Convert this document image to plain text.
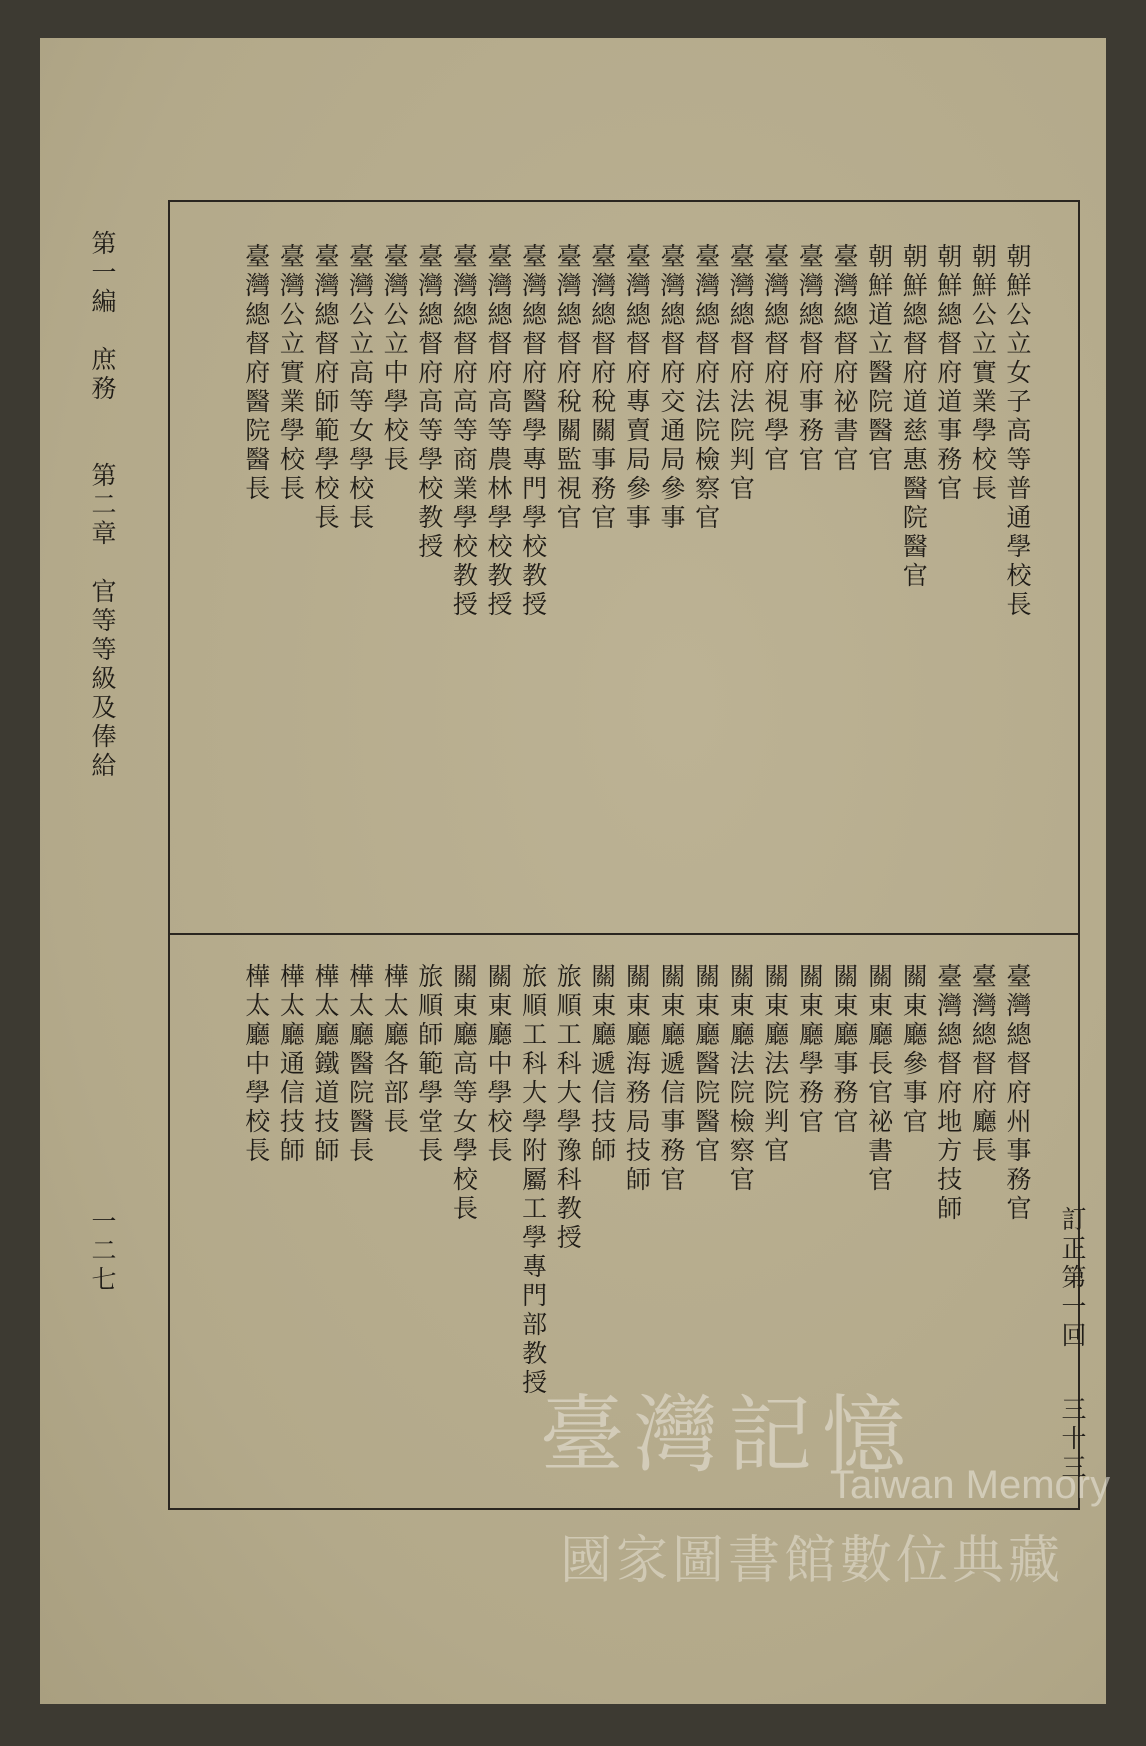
第一編　庶務　　第二章　官等等級及俸給
一二七	訂正第一回
三十三
朝鮮公立女子高等普通學校長
朝鮮公立實業學校長
朝鮮總督府道事務官
朝鮮總督府道慈惠醫院醫官
朝鮮道立醫院醫官
臺灣總督府祕書官
臺灣總督府事務官
臺灣總督府視學官
臺灣總督府法院判官
臺灣總督府法院檢察官
臺灣總督府交通局參事
臺灣總督府專賣局參事
臺灣總督府稅關事務官
臺灣總督府稅關監視官
臺灣總督府醫學專門學校教授
臺灣總督府高等農林學校教授
臺灣總督府高等商業學校教授
臺灣總督府高等學校教授
臺灣公立中學校長
臺灣公立高等女學校長
臺灣總督府師範學校長
臺灣公立實業學校長
臺灣總督府醫院醫長
臺灣總督府州事務官
臺灣總督府廳長
臺灣總督府地方技師
關東廳參事官
關東廳長官祕書官
關東廳事務官
關東廳學務官
關東廳法院判官
關東廳法院檢察官
關東廳醫院醫官
關東廳遞信事務官
關東廳海務局技師
關東廳遞信技師
旅順工科大學豫科教授
旅順工科大學附屬工學專門部教授
關東廳中學校長
關東廳高等女學校長
旅順師範學堂長
樺太廳各部長
樺太廳醫院醫長
樺太廳鐵道技師
樺太廳通信技師
樺太廳中學校長
臺灣記憶
Taiwan Memory
國家圖書館數位典藏
